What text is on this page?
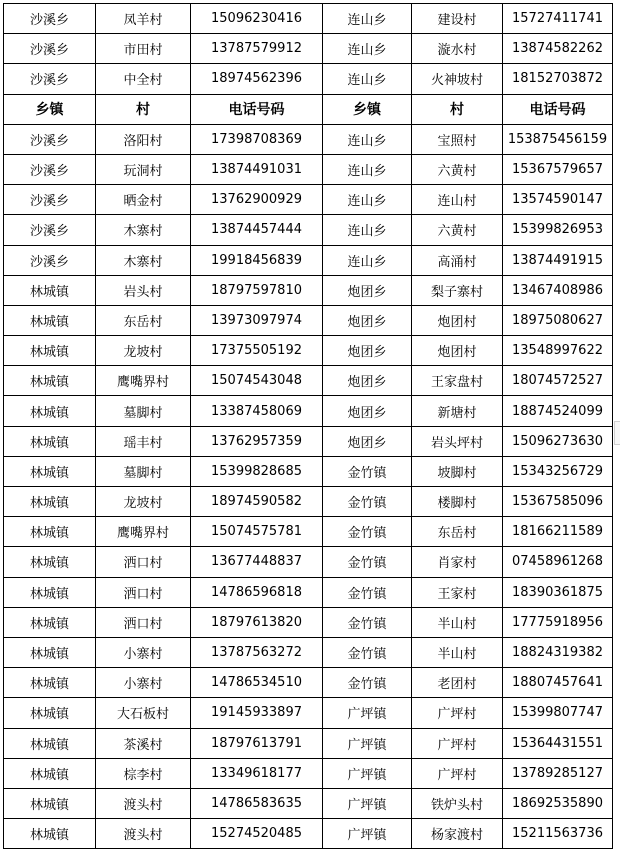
沙溪乡	凤羊村	15096230416	连山乡	建设村	15727411741
沙溪乡	市田村	13787579912	连山乡	漩水村	13874582262
沙溪乡	中全村	18974562396	连山乡	火神坡村	18152703872
乡镇	村	电话号码	乡镇	村	电话号码
沙溪乡	洛阳村	17398708369	连山乡	宝照村	153875456159
沙溪乡	玩洞村	13874491031	连山乡	六黄村	15367579657
沙溪乡	晒金村	13762900929	连山乡	连山村	13574590147
沙溪乡	木寨村	13874457444	连山乡	六黄村	15399826953
沙溪乡	木寨村	19918456839	连山乡	高涌村	13874491915
林城镇	岩头村	18797597810	炮团乡	梨子寨村	13467408986
林城镇	东岳村	13973097974	炮团乡	炮团村	18975080627
林城镇	龙坡村	17375505192	炮团乡	炮团村	13548997622
林城镇	鹰嘴界村	15074543048	炮团乡	王家盘村	18074572527
林城镇	墓脚村	13387458069	炮团乡	新塘村	18874524099
林城镇	瑶丰村	13762957359	炮团乡	岩头坪村	15096273630
林城镇	墓脚村	15399828685	金竹镇	坡脚村	15343256729
林城镇	龙坡村	18974590582	金竹镇	楼脚村	15367585096
林城镇	鹰嘴界村	15074575781	金竹镇	东岳村	18166211589
林城镇	洒口村	13677448837	金竹镇	肖家村	07458961268
林城镇	洒口村	14786596818	金竹镇	王家村	18390361875
林城镇	洒口村	18797613820	金竹镇	半山村	17775918956
林城镇	小寨村	13787563272	金竹镇	半山村	18824319382
林城镇	小寨村	14786534510	金竹镇	老团村	18807457641
林城镇	大石板村	19145933897	广坪镇	广坪村	15399807747
林城镇	茶溪村	18797613791	广坪镇	广坪村	15364431551
林城镇	棕李村	13349618177	广坪镇	广坪村	13789285127
林城镇	渡头村	14786583635	广坪镇	铁炉头村	18692535890
林城镇	渡头村	15274520485	广坪镇	杨家渡村	15211563736
